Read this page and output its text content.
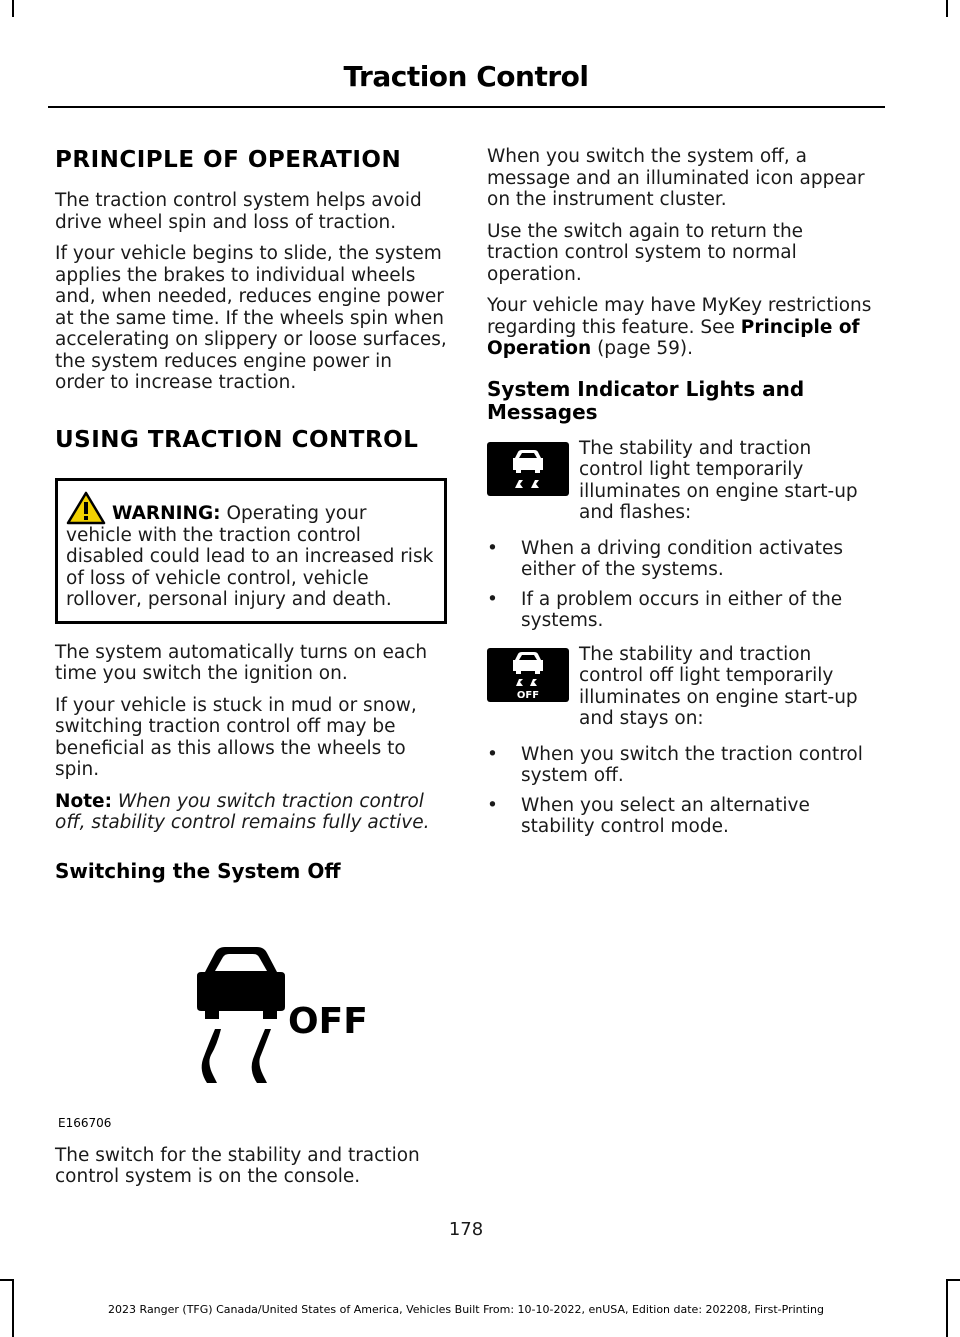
Traction Control
PRINCIPLE OF OPERATION

The traction control system helps avoid drive wheel spin and loss of traction.

If your vehicle begins to slide, the system applies the brakes to individual wheels and, when needed, reduces engine power at the same time. If the wheels spin when accelerating on slippery or loose surfaces, the system reduces engine power in order to increase traction.

USING TRACTION CONTROL
WARNING: Operating your vehicle with the traction control disabled could lead to an increased risk of loss of vehicle control, vehicle rollover, personal injury and death.

The system automatically turns on each time you switch the ignition on.

If your vehicle is stuck in mud or snow, switching traction control off may be beneficial as this allows the wheels to spin.

Note: When you switch traction control off, stability control remains fully active.

Switching the System Off
OFF
E166706

The switch for the stability and traction control system is on the console.

When you switch the system off, a message and an illuminated icon appear on the instrument cluster.

Use the switch again to return the traction control system to normal operation.

Your vehicle may have MyKey restrictions regarding this feature. See Principle of Operation (page 59).

System Indicator Lights and Messages
The stability and traction control light temporarily illuminates on engine start-up and flashes:
• When a driving condition activates either of the systems.
• If a problem occurs in either of the systems.
OFF
The stability and traction control off light temporarily illuminates on engine start-up and stays on:
• When you switch the traction control system off.
• When you select an alternative stability control mode.
178
2023 Ranger (TFG) Canada/United States of America, Vehicles Built From: 10-10-2022, enUSA, Edition date: 202208, First-Printing
